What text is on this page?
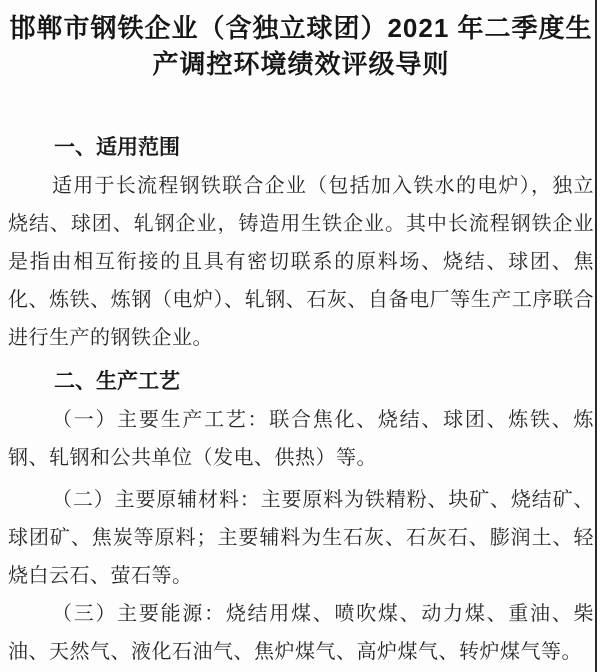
邯郸市钢铁企业（含独立球团）2021 年二季度生
产调控环境绩效评级导则
一、适用范围

适用于长流程钢铁联合企业（包括加入铁水的电炉），独立烧结、球团、轧钢企业，铸造用生铁企业。其中长流程钢铁企业是指由相互衔接的且具有密切联系的原料场、烧结、球团、焦化、炼铁、炼钢（电炉）、轧钢、石灰、自备电厂等生产工序联合进行生产的钢铁企业。

二、生产工艺

（一）主要生产工艺：联合焦化、烧结、球团、炼铁、炼钢、轧钢和公共单位（发电、供热）等。

（二）主要原辅材料：主要原料为铁精粉、块矿、烧结矿、球团矿、焦炭等原料；主要辅料为生石灰、石灰石、膨润土、轻烧白云石、萤石等。

（三）主要能源：烧结用煤、喷吹煤、动力煤、重油、柴油、天然气、液化石油气、焦炉煤气、高炉煤气、转炉煤气等。
